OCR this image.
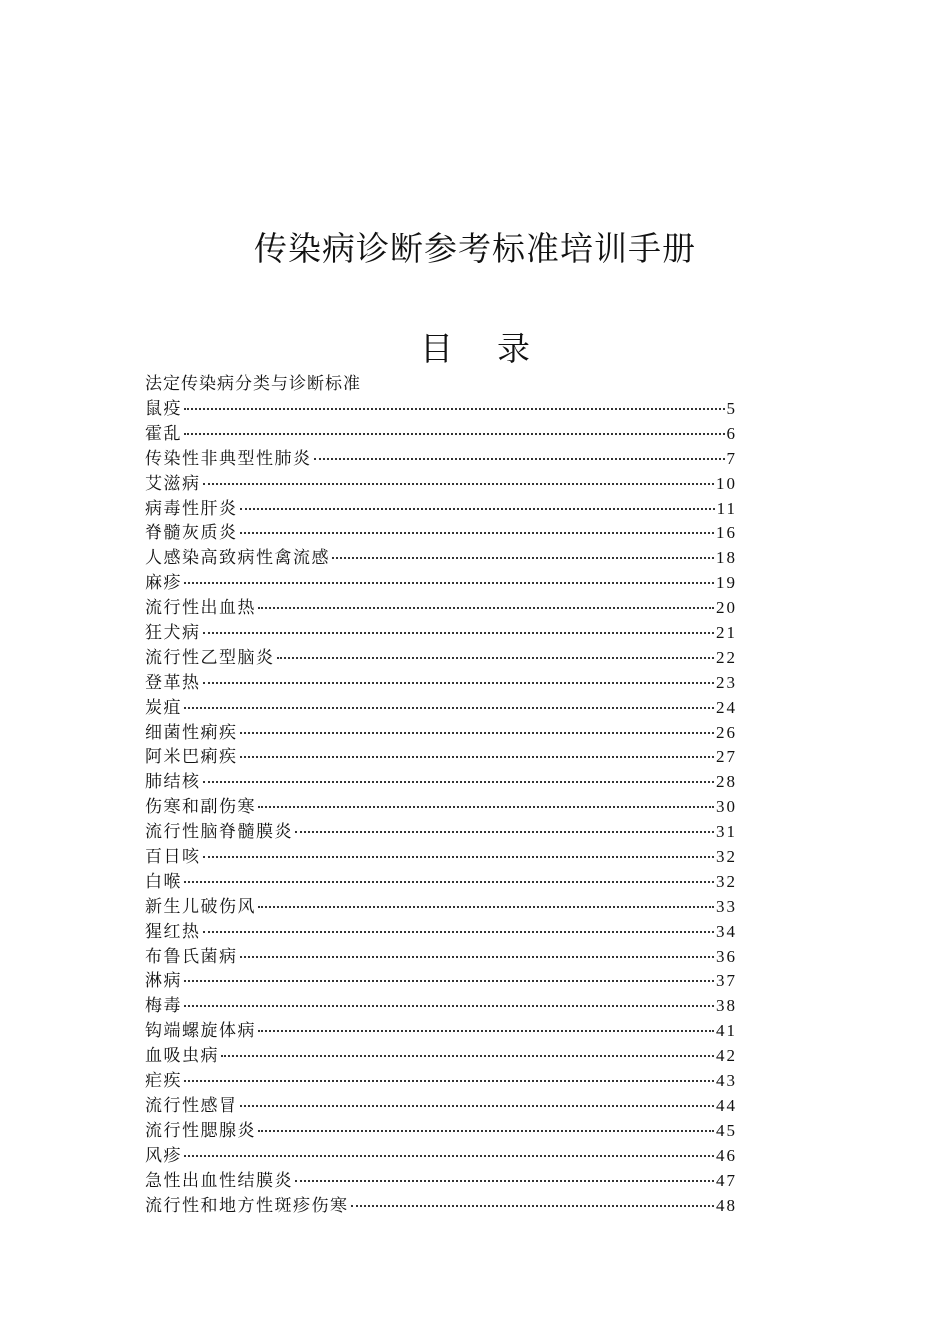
传染病诊断参考标准培训手册
目 录
法定传染病分类与诊断标准
鼠疫	5
霍乱	6
传染性非典型性肺炎	7
艾滋病	10
病毒性肝炎	11
脊髓灰质炎	16
人感染高致病性禽流感	18
麻疹	19
流行性出血热	20
狂犬病	21
流行性乙型脑炎	22
登革热	23
炭疽	24
细菌性痢疾	26
阿米巴痢疾	27
肺结核	28
伤寒和副伤寒	30
流行性脑脊髓膜炎	31
百日咳	32
白喉	32
新生儿破伤风	33
猩红热	34
布鲁氏菌病	36
淋病	37
梅毒	38
钩端螺旋体病	41
血吸虫病	42
疟疾	43
流行性感冒	44
流行性腮腺炎	45
风疹	46
急性出血性结膜炎	47
流行性和地方性斑疹伤寒	48
